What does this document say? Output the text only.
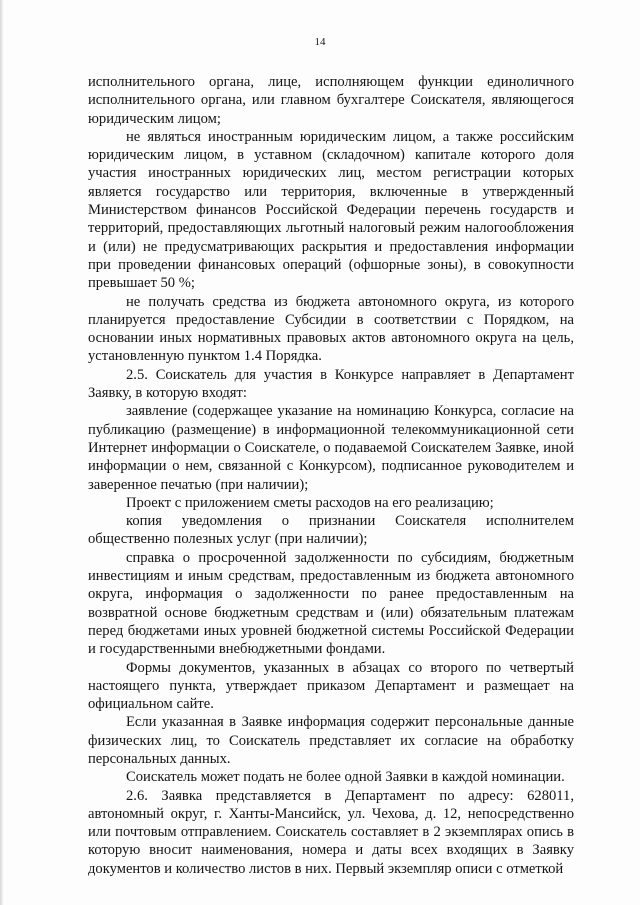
14

исполнительного органа, лице, исполняющем функции единоличного исполнительного органа, или главном бухгалтере Соискателя, являющегося юридическим лицом;

не являться иностранным юридическим лицом, а также российским юридическим лицом, в уставном (складочном) капитале которого доля участия иностранных юридических лиц, местом регистрации которых является государство или территория, включенные в утвержденный Министерством финансов Российской Федерации перечень государств и территорий, предоставляющих льготный налоговый режим налогообложения и (или) не предусматривающих раскрытия и предоставления информации при проведении финансовых операций (офшорные зоны), в совокупности превышает 50 %;

не получать средства из бюджета автономного округа, из которого планируется предоставление Субсидии в соответствии с Порядком, на основании иных нормативных правовых актов автономного округа на цель, установленную пунктом 1.4 Порядка.

2.5. Соискатель для участия в Конкурсе направляет в Департамент Заявку, в которую входят:

заявление (содержащее указание на номинацию Конкурса, согласие на публикацию (размещение) в информационной телекоммуникационной сети Интернет информации о Соискателе, о подаваемой Соискателем Заявке, иной информации о нем, связанной с Конкурсом), подписанное руководителем и заверенное печатью (при наличии);

Проект с приложением сметы расходов на его реализацию;

копия уведомления о признании Соискателя исполнителем общественно полезных услуг (при наличии);

справка о просроченной задолженности по субсидиям, бюджетным инвестициям и иным средствам, предоставленным из бюджета автономного округа, информация о задолженности по ранее предоставленным на возвратной основе бюджетным средствам и (или) обязательным платежам перед бюджетами иных уровней бюджетной системы Российской Федерации и государственными внебюджетными фондами.

Формы документов, указанных в абзацах со второго по четвертый настоящего пункта, утверждает приказом Департамент и размещает на официальном сайте.

Если указанная в Заявке информация содержит персональные данные физических лиц, то Соискатель представляет их согласие на обработку персональных данных.

Соискатель может подать не более одной Заявки в каждой номинации.

2.6. Заявка представляется в Департамент по адресу: 628011, автономный округ, г. Ханты-Мансийск, ул. Чехова, д. 12, непосредственно или почтовым отправлением. Соискатель составляет в 2 экземплярах опись в которую вносит наименования, номера и даты всех входящих в Заявку документов и количество листов в них. Первый экземпляр описи с отметкой
